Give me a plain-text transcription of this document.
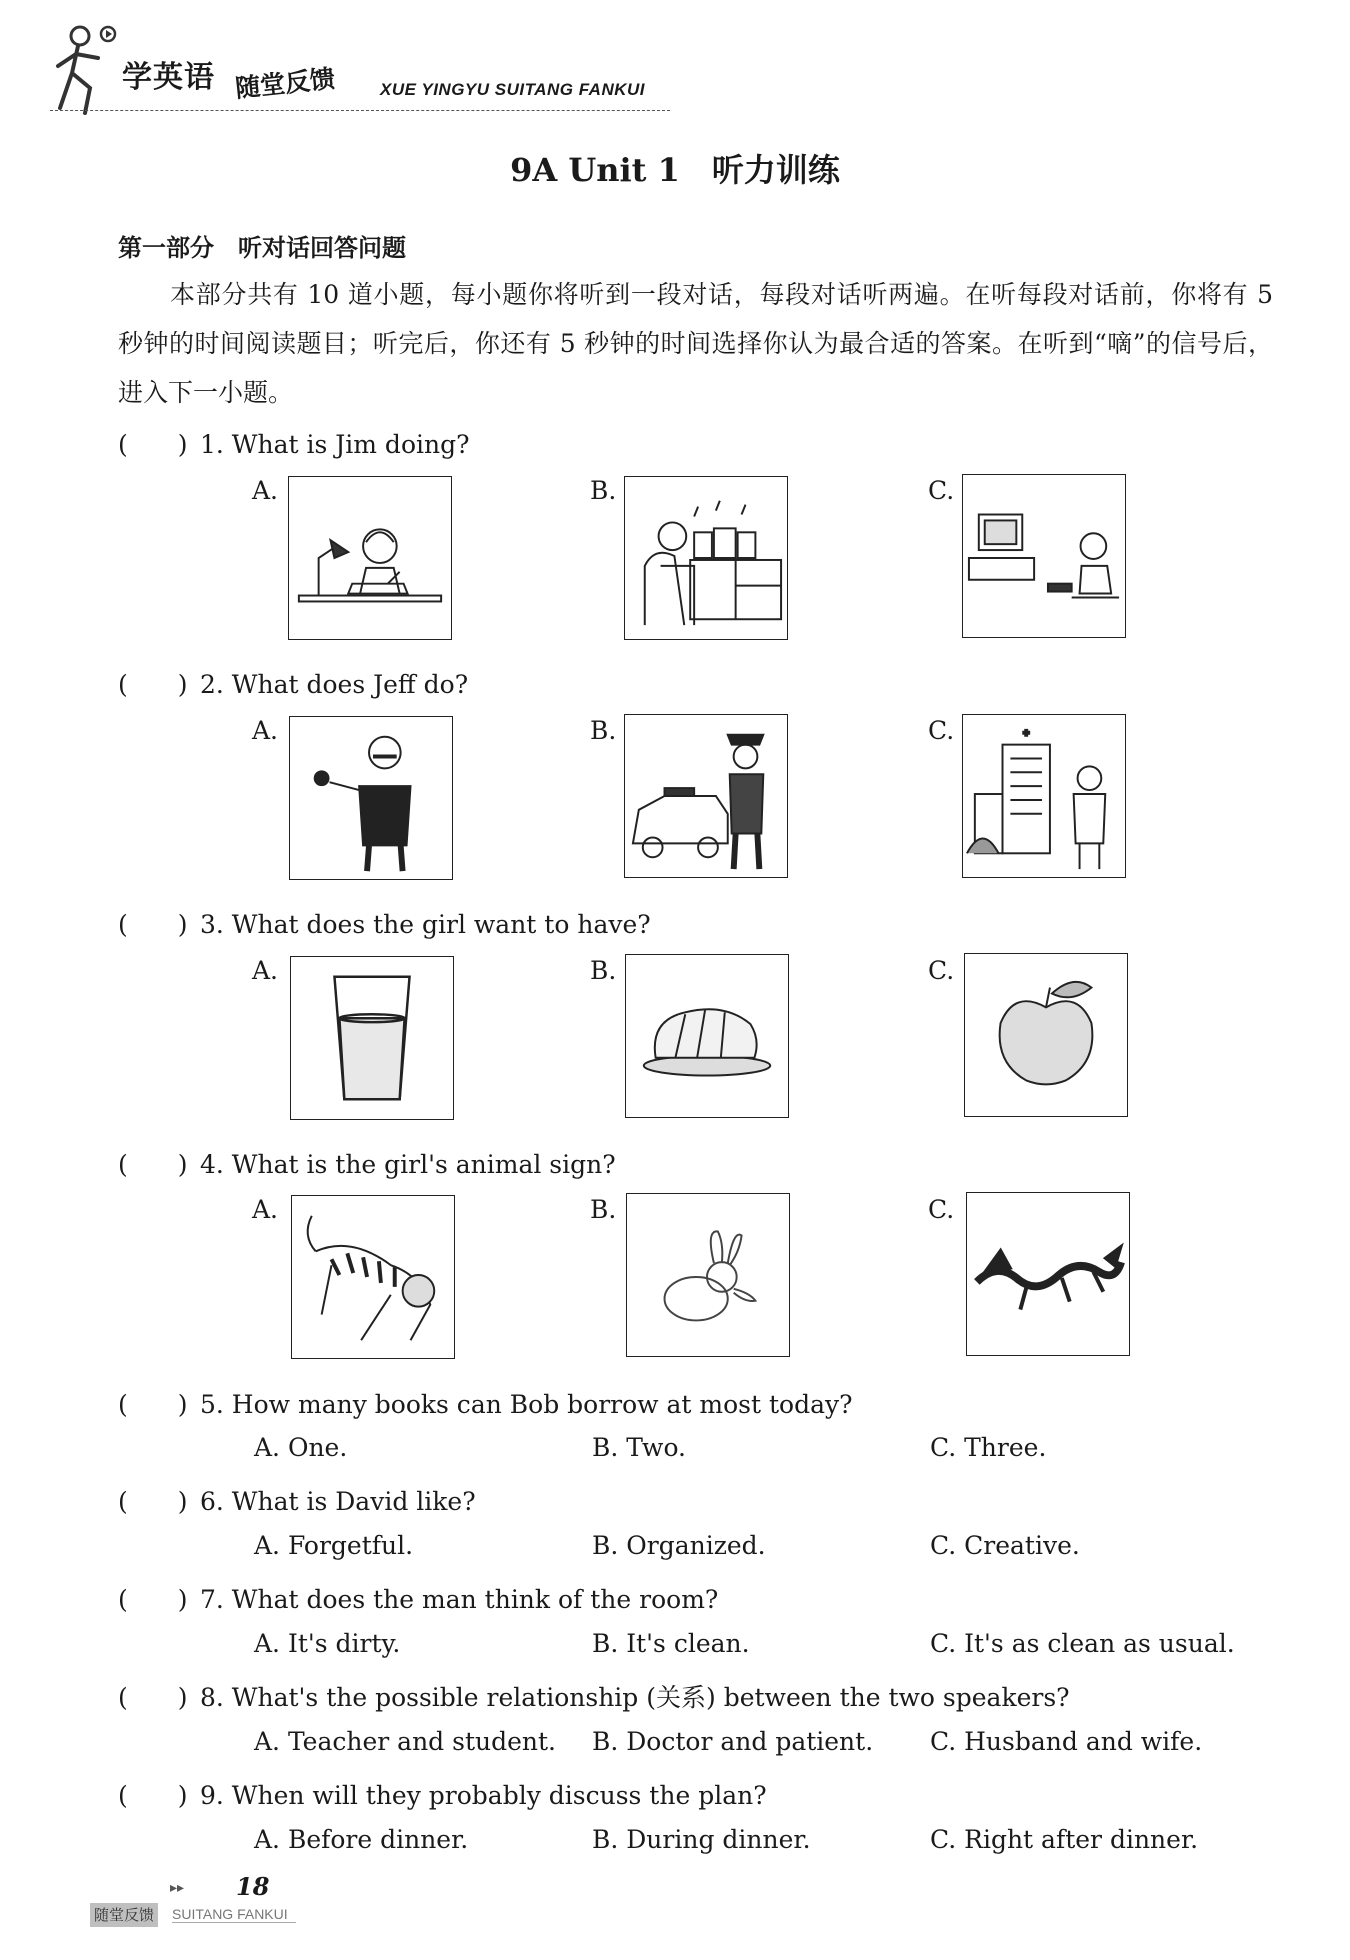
学英语 随堂反馈	XUE YINGYU SUITANG FANKUI
9A Unit 1　听力训练
第一部分　听对话回答问题
本部分共有 10 道小题，每小题你将听到一段对话，每段对话听两遍。在听每段对话前，你将有 5 秒钟的时间阅读题目；听完后，你还有 5 秒钟的时间选择你认为最合适的答案。在听到“嘀”的信号后，进入下一小题。
(　　) 1. What is Jim doing?
A.	B.	C.
(　　) 2. What does Jeff do?
A.	B.	C.
(　　) 3. What does the girl want to have?
A.	B.	C.
(　　) 4. What is the girl's animal sign?
A.	B.	C.
(　　) 5. How many books can Bob borrow at most today?
A. One.	B. Two.	C. Three.
(　　) 6. What is David like?
A. Forgetful.	B. Organized.	C. Creative.
(　　) 7. What does the man think of the room?
A. It's dirty.	B. It's clean.	C. It's as clean as usual.
(　　) 8. What's the possible relationship (关系) between the two speakers?
A. Teacher and student. B. Doctor and patient. C. Husband and wife.
(　　) 9. When will they probably discuss the plan?
A. Before dinner.	B. During dinner.	C. Right after dinner.
▸▸ 18
随堂反馈 SUITANG FANKUI
